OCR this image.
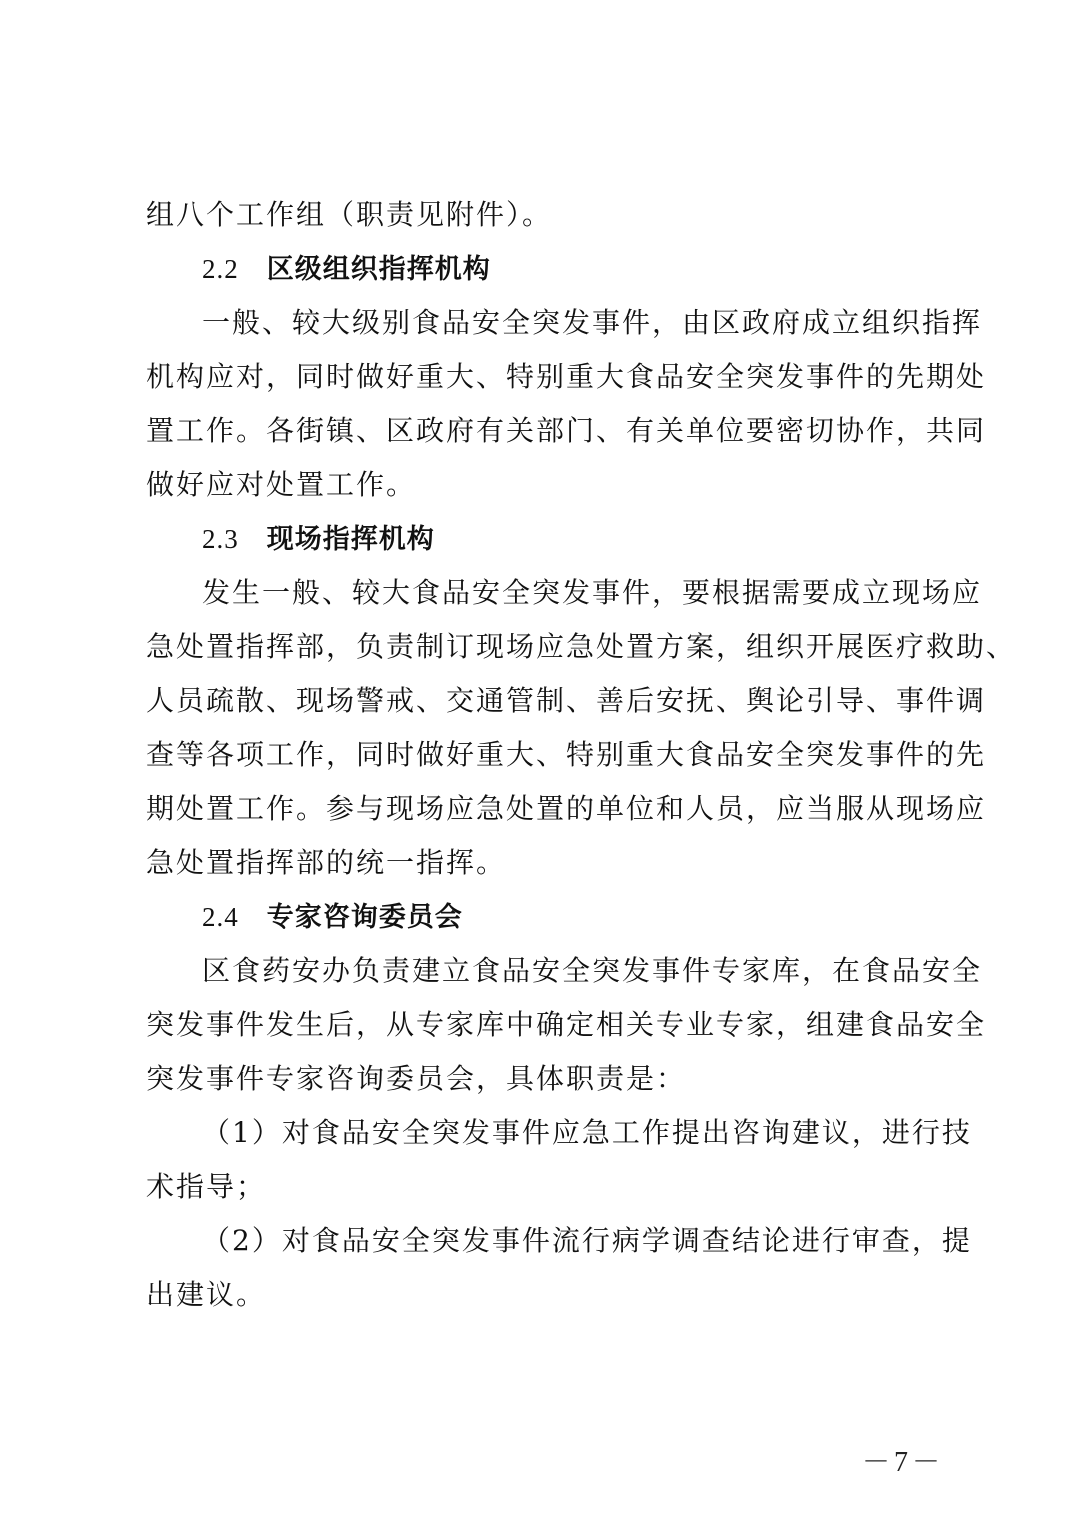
组八个工作组（职责见附件）。
2.2 区级组织指挥机构
一般、较大级别食品安全突发事件，由区政府成立组织指挥
机构应对，同时做好重大、特别重大食品安全突发事件的先期处
置工作。各街镇、区政府有关部门、有关单位要密切协作，共同
做好应对处置工作。
2.3 现场指挥机构
发生一般、较大食品安全突发事件，要根据需要成立现场应
急处置指挥部，负责制订现场应急处置方案，组织开展医疗救助、
人员疏散、现场警戒、交通管制、善后安抚、舆论引导、事件调
查等各项工作，同时做好重大、特别重大食品安全突发事件的先
期处置工作。参与现场应急处置的单位和人员，应当服从现场应
急处置指挥部的统一指挥。
2.4 专家咨询委员会
区食药安办负责建立食品安全突发事件专家库，在食品安全
突发事件发生后，从专家库中确定相关专业专家，组建食品安全
突发事件专家咨询委员会，具体职责是：
（1）对食品安全突发事件应急工作提出咨询建议，进行技
术指导；
（2）对食品安全突发事件流行病学调查结论进行审查，提
出建议。
－7－
